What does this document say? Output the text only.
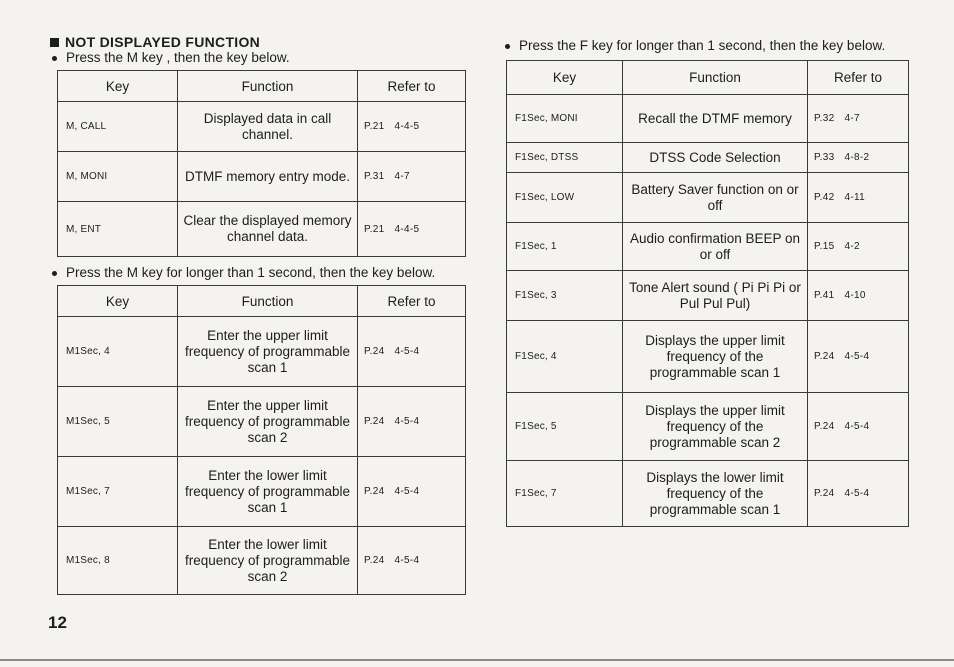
NOT DISPLAYED FUNCTION

Press the M key , then the key below.

Key	Function	Refer to
M, CALL	Displayed data in call channel.	P.21 4-4-5
M, MONI	DTMF memory entry mode.	P.31 4-7
M, ENT	Clear the displayed memory channel data.	P.21 4-4-5

Press the M key for longer than 1 second, then the key below.

Key	Function	Refer to
M1Sec, 4	Enter the upper limit frequency of programmable scan 1	P.24 4-5-4
M1Sec, 5	Enter the upper limit frequency of programmable scan 2	P.24 4-5-4
M1Sec, 7	Enter the lower limit frequency of programmable scan 1	P.24 4-5-4
M1Sec, 8	Enter the lower limit frequency of programmable scan 2	P.24 4-5-4

Press the F key for longer than 1 second, then the key below.

Key	Function	Refer to
F1Sec, MONI	Recall the DTMF memory	P.32 4-7
F1Sec, DTSS	DTSS Code Selection	P.33 4-8-2
F1Sec, LOW	Battery Saver function on or off	P.42 4-11
F1Sec, 1	Audio confirmation BEEP on or off	P.15 4-2
F1Sec, 3	Tone Alert sound ( Pi Pi Pi or Pul Pul Pul)	P.41 4-10
F1Sec, 4	Displays the upper limit frequency of the programmable scan 1	P.24 4-5-4
F1Sec, 5	Displays the upper limit frequency of the programmable scan 2	P.24 4-5-4
F1Sec, 7	Displays the lower limit frequency of the programmable scan 1	P.24 4-5-4
12
